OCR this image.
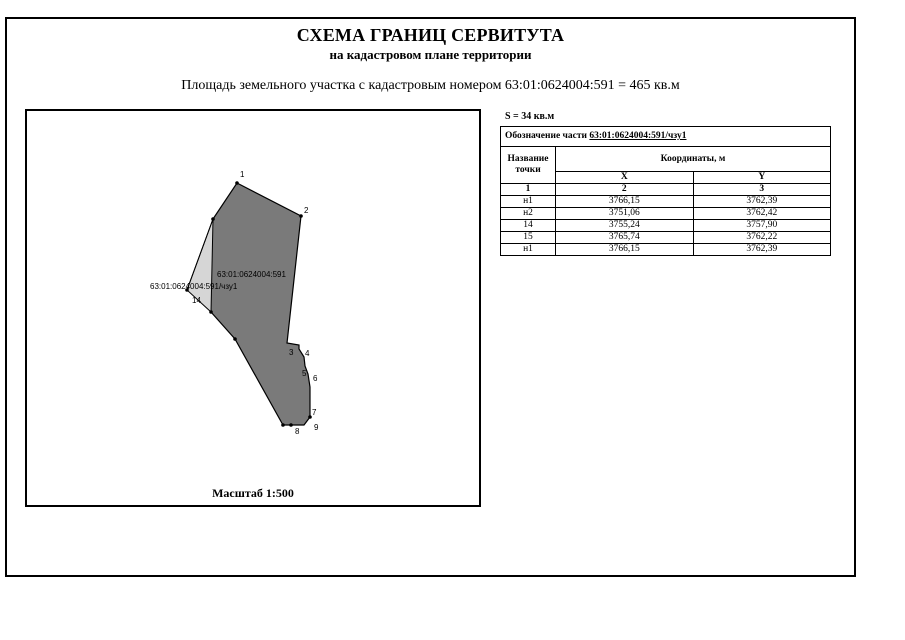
СХЕМА ГРАНИЦ СЕРВИТУТА
на кадастровом плане территории
Площадь земельного участка с кадастровым номером 63:01:0624004:591 = 465 кв.м
1
2
3 4
5
6
7
8 9
14
63:01:0624004:591
63:01:0624004:591/чзу1
Масштаб 1:500
S = 34 кв.м
Обозначение части 63:01:0624004:591/чзу1		
Название точки	Координаты, м	
	X	Y
1	2	3
н1	3766,15	3762,39
н2	3751,06	3762,42
14	3755,24	3757,90
15	3765,74	3762,22
н1	3766,15	3762,39
